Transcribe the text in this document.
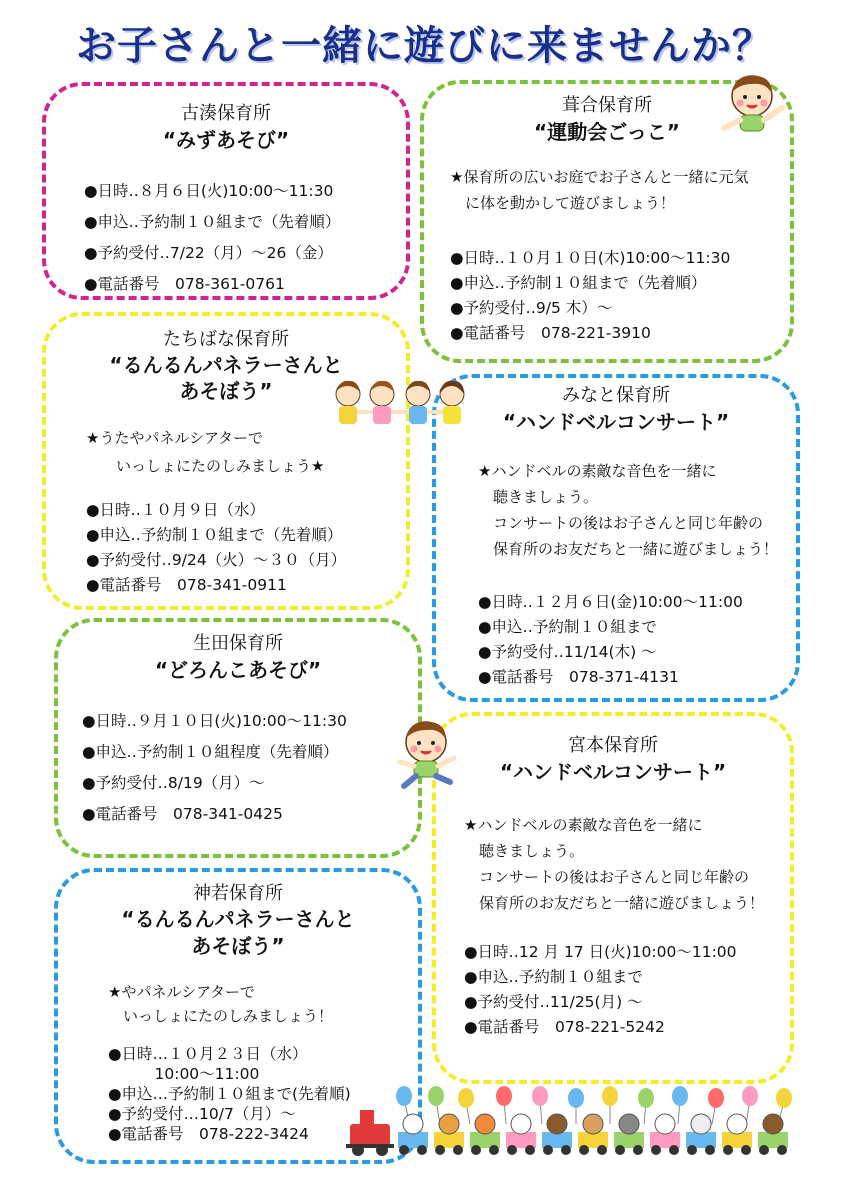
お子さんと一緒に遊びに来ませんか？
古湊保育所
“みずあそび”
●日時‥８月６日(火)10:00～11:30
●申込‥予約制１０組まで（先着順）
●予約受付‥7/22（月）～26（金）
●電話番号　078-361-0761
葺合保育所
“運動会ごっこ”
★保育所の広いお庭でお子さんと一緒に元気
　に体を動かして遊びましょう！
●日時‥１０月１０日(木)10:00～11:30
●申込‥予約制１０組まで（先着順）
●予約受付‥9/5 木）～
●電話番号　078-221-3910
たちばな保育所
“るんるんパネラーさんと
あそぼう”
★うたやパネルシアターで
　　いっしょにたのしみましょう★
●日時‥１０月９日（水）
●申込‥予約制１０組まで（先着順）
●予約受付‥9/24（火）～３０（月）
●電話番号　078-341-0911
みなと保育所
“ハンドベルコンサート”
★ハンドベルの素敵な音色を一緒に
　聴きましょう。
　コンサートの後はお子さんと同じ年齢の
　保育所のお友だちと一緒に遊びましょう！
●日時‥１２月６日(金)10:00～11:00
●申込‥予約制１０組まで
●予約受付‥11/14(木) ～
●電話番号　078-371-4131
生田保育所
“どろんこあそび”
●日時‥９月１０日(火)10:00～11:30
●申込‥予約制１０組程度（先着順）
●予約受付‥8/19（月）～
●電話番号　078-341-0425
宮本保育所
“ハンドベルコンサート”
★ハンドベルの素敵な音色を一緒に
　聴きましょう。
　コンサートの後はお子さんと同じ年齢の
　保育所のお友だちと一緒に遊びましょう！
●日時‥12 月 17 日(火)10:00～11:00
●申込‥予約制１０組まで
●予約受付‥11/25(月) ～
●電話番号　078-221-5242
神若保育所
“るんるんパネラーさんと
あそぼう”
★やパネルシアターで
　いっしょにたのしみましょう！
●日時…１０月２３日（水）
　　　10:00～11:00
●申込…予約制１０組まで(先着順)
●予約受付…10/7（月）～
●電話番号　078-222-3424
